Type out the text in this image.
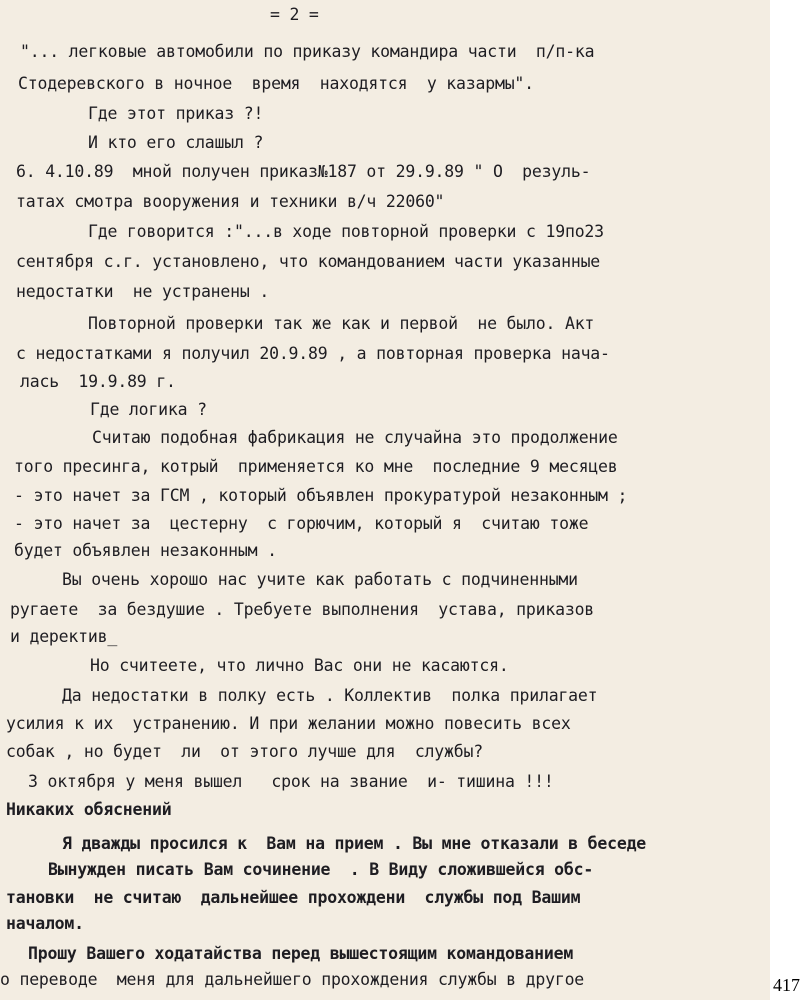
= 2 =
"... легковые автомобили по приказу командира части  п/п-ка
Стодеревского в ночное  время  находятся  у казармы".
Где этот приказ ?!
И кто его слашыл ?
6. 4.10.89  мной получен приказ№187 от 29.9.89 " О  резуль-
татах смотра вооружения и техники в/ч 22060"
Где говорится :"...в ходе повторной проверки с 19по23
сентября с.г. установлено, что командованием части указанные
недостатки  не устранены .
Повторной проверки так же как и первой  не было. Акт
с недостатками я получил 20.9.89 , а повторная проверка нача-
лась  19.9.89 г.
Где логика ?
Считаю подобная фабрикация не случайна это продолжение
того пресинга, котрый  применяется ко мне  последние 9 месяцев
- это начет за ГСМ , который объявлен прокуратурой незаконным ;
- это начет за  цестерну  с горючим, который я  считаю тоже
будет объявлен незаконным .
Вы очень хорошо нас учите как работать с подчиненными
ругаете  за бездушие . Требуете выполнения  устава, приказов
и деректив_
Но считеете, что лично Вас они не касаются.
Да недостатки в полку есть . Коллектив  полка прилагает
усилия к их  устранению. И при желании можно повесить всех
собак , но будет  ли  от этого лучше для  службы?
3 октября у меня вышел   срок на звание  и- тишина !!!
Никаких обяснений
Я дважды просился к  Вам на прием . Вы мне отказали в беседе
Вынужден писать Вам сочинение  . В Виду сложившейся обс-
тановки  не считаю  дальнейшее прохождени  службы под Вашим
началом.
Прошу Вашего ходатайства перед вышестоящим командованием
о переводе  меня для дальнейшего прохождения службы в другое	417
